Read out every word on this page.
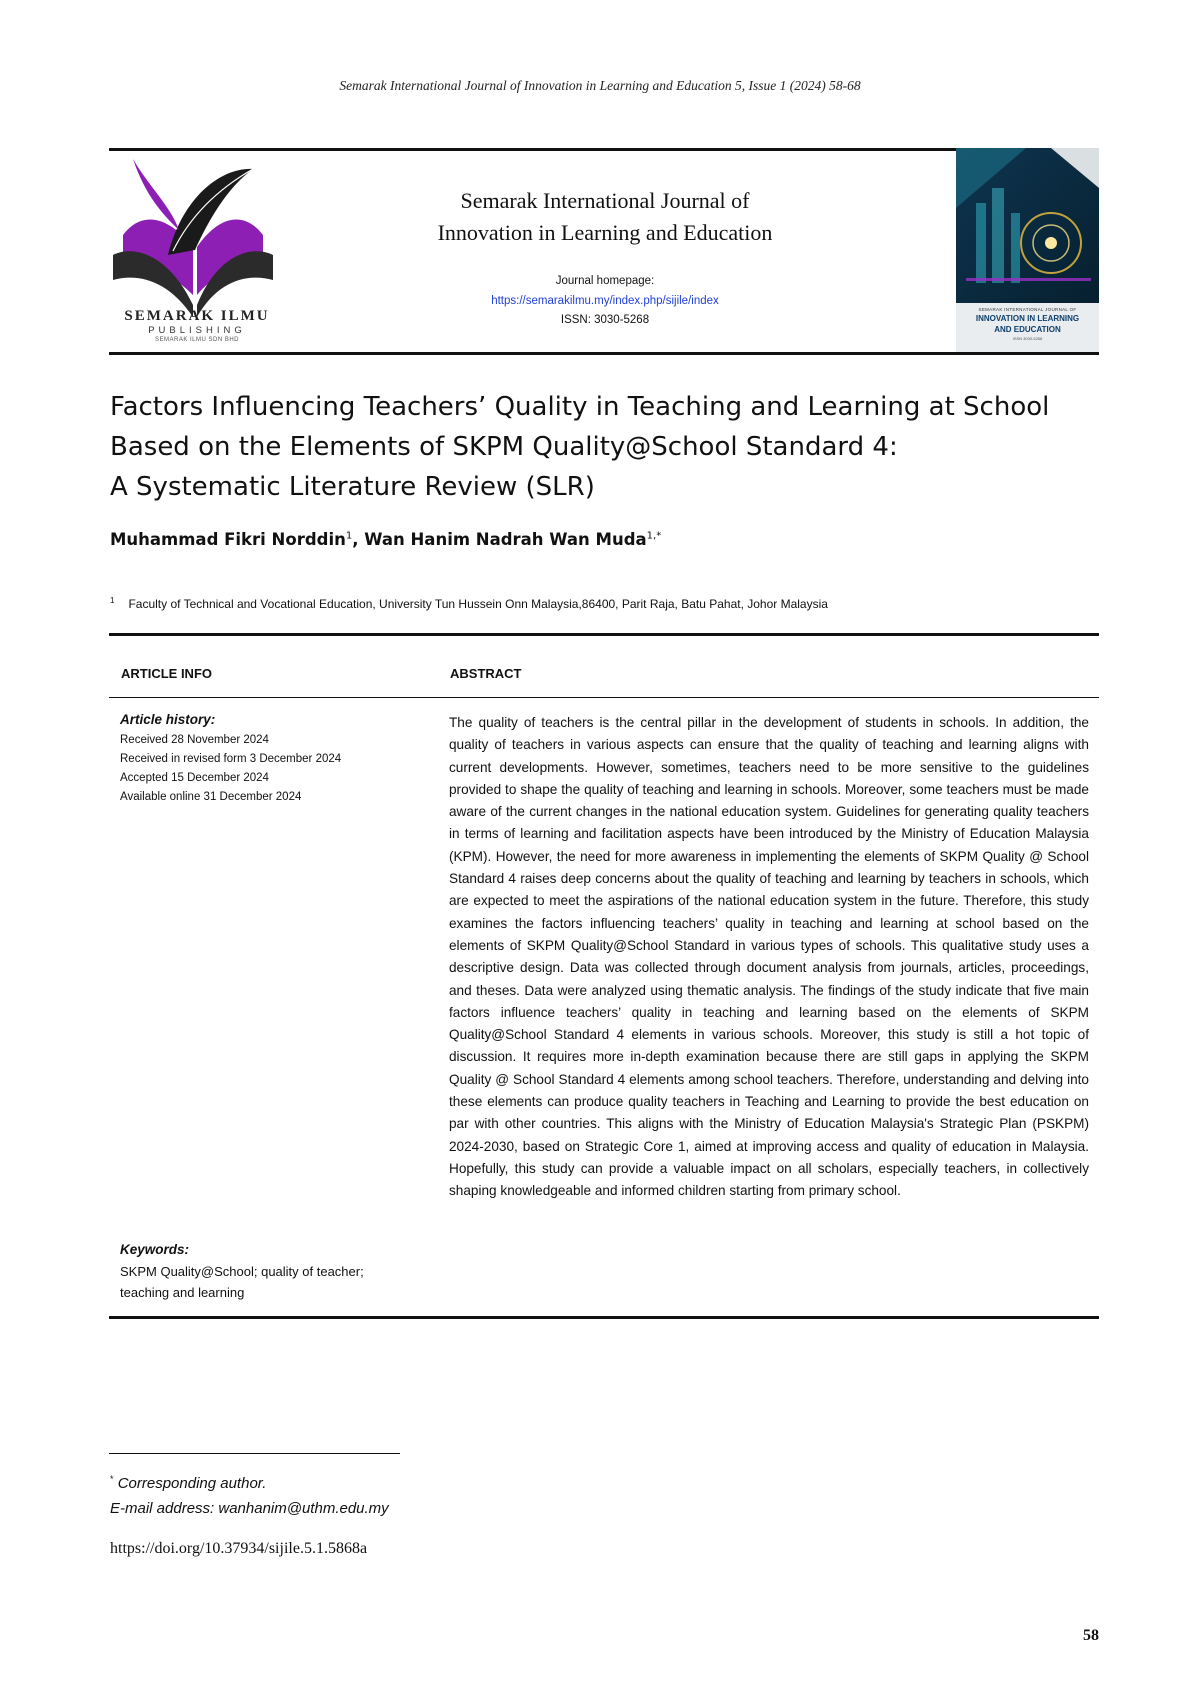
Semarak International Journal of Innovation in Learning and Education 5, Issue 1 (2024) 58-68
SEMARAK ILMU
PUBLISHING
SEMARAK ILMU SDN BHD
Semarak International Journal of
Innovation in Learning and Education
Journal homepage:
https://semarakilmu.my/index.php/sijile/index
ISSN: 3030-5268
SEMARAK INTERNATIONAL JOURNAL OF
INNOVATION IN LEARNING
AND EDUCATION
ISSN 3030-5268
Factors Influencing Teachers’ Quality in Teaching and Learning at School
Based on the Elements of SKPM Quality@School Standard 4:
A Systematic Literature Review (SLR)
Muhammad Fikri Norddin$^1$, Wan Hanim Nadrah Wan Muda$^{1,*}$
$^1$ Faculty of Technical and Vocational Education, University Tun Hussein Onn Malaysia,86400, Parit Raja, Batu Pahat, Johor Malaysia
ARTICLE INFO	ABSTRACT
Article history:
Received 28 November 2024
Received in revised form 3 December 2024
Accepted 15 December 2024
Available online 31 December 2024
Keywords:
SKPM Quality@School; quality of teacher; teaching and learning
The quality of teachers is the central pillar in the development of students in schools. In addition, the quality of teachers in various aspects can ensure that the quality of teaching and learning aligns with current developments. However, sometimes, teachers need to be more sensitive to the guidelines provided to shape the quality of teaching and learning in schools. Moreover, some teachers must be made aware of the current changes in the national education system. Guidelines for generating quality teachers in terms of learning and facilitation aspects have been introduced by the Ministry of Education Malaysia (KPM). However, the need for more awareness in implementing the elements of SKPM Quality @ School Standard 4 raises deep concerns about the quality of teaching and learning by teachers in schools, which are expected to meet the aspirations of the national education system in the future. Therefore, this study examines the factors influencing teachers’ quality in teaching and learning at school based on the elements of SKPM Quality@School Standard in various types of schools. This qualitative study uses a descriptive design. Data was collected through document analysis from journals, articles, proceedings, and theses. Data were analyzed using thematic analysis. The findings of the study indicate that five main factors influence teachers’ quality in teaching and learning based on the elements of SKPM Quality@School Standard 4 elements in various schools. Moreover, this study is still a hot topic of discussion. It requires more in-depth examination because there are still gaps in applying the SKPM Quality @ School Standard 4 elements among school teachers. Therefore, understanding and delving into these elements can produce quality teachers in Teaching and Learning to provide the best education on par with other countries. This aligns with the Ministry of Education Malaysia's Strategic Plan (PSKPM) 2024-2030, based on Strategic Core 1, aimed at improving access and quality of education in Malaysia. Hopefully, this study can provide a valuable impact on all scholars, especially teachers, in collectively shaping knowledgeable and informed children starting from primary school.
* Corresponding author.
E-mail address: wanhanim@uthm.edu.my
https://doi.org/10.37934/sijile.5.1.5868a
58
